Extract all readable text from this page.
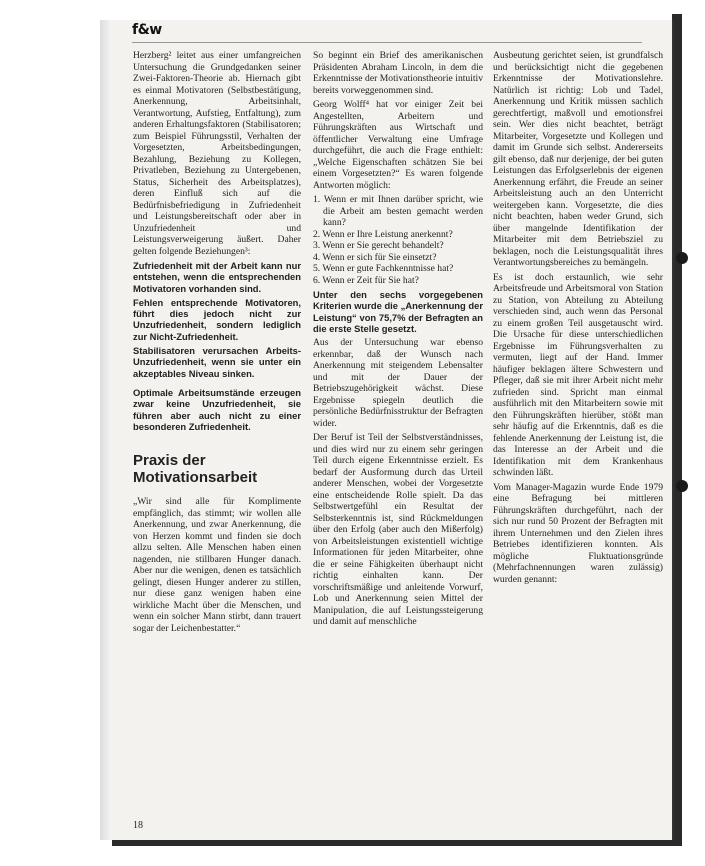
f&w

Herzberg² leitet aus einer umfangreichen Untersuchung die Grundgedanken seiner Zwei-Faktoren-Theorie ab. Hiernach gibt es einmal Motivatoren (Selbstbestätigung, Anerkennung, Arbeitsinhalt, Verantwortung, Aufstieg, Entfaltung), zum anderen Erhaltungsfaktoren (Stabilisatoren; zum Beispiel Führungsstil, Verhalten der Vorgesetzten, Arbeitsbedingungen, Bezahlung, Beziehung zu Kollegen, Privatleben, Beziehung zu Untergebenen, Status, Sicherheit des Arbeitsplatzes), deren Einfluß sich auf die Bedürfnisbefriedigung in Zufriedenheit und Leistungsbereitschaft oder aber in Unzufriedenheit und Leistungsverweigerung äußert. Daher gelten folgende Beziehungen³:

Zufriedenheit mit der Arbeit kann nur entstehen, wenn die entsprechenden Motivatoren vorhanden sind.

Fehlen entsprechende Motivatoren, führt dies jedoch nicht zur Unzufriedenheit, sondern lediglich zur Nicht-Zufriedenheit.

Stabilisatoren verursachen Arbeits-Unzufriedenheit, wenn sie unter ein akzeptables Niveau sinken.

Optimale Arbeitsumstände erzeugen zwar keine Unzufriedenheit, sie führen aber auch nicht zu einer besonderen Zufriedenheit.

Praxis der Motivationsarbeit

„Wir sind alle für Komplimente empfänglich, das stimmt; wir wollen alle Anerkennung, und zwar Anerkennung, die von Herzen kommt und finden sie doch allzu selten. Alle Menschen haben einen nagenden, nie stillbaren Hunger danach. Aber nur die wenigen, denen es tatsächlich gelingt, diesen Hunger anderer zu stillen, nur diese ganz wenigen haben eine wirkliche Macht über die Menschen, und wenn ein solcher Mann stirbt, dann trauert sogar der Leichenbestatter.“

So beginnt ein Brief des amerikanischen Präsidenten Abraham Lincoln, in dem die Erkenntnisse der Motivationstheorie intuitiv bereits vorweggenommen sind.

Georg Wolff⁴ hat vor einiger Zeit bei Angestellten, Arbeitern und Führungskräften aus Wirtschaft und öffentlicher Verwaltung eine Umfrage durchgeführt, die auch die Frage enthielt: „Welche Eigenschaften schätzen Sie bei einem Vorgesetzten?“ Es waren folgende Antworten möglich:

1. Wenn er mit Ihnen darüber spricht, wie die Arbeit am besten gemacht werden kann?
2. Wenn er Ihre Leistung anerkennt?
3. Wenn er Sie gerecht behandelt?
4. Wenn er sich für Sie einsetzt?
5. Wenn er gute Fachkenntnisse hat?
6. Wenn er Zeit für Sie hat?

Unter den sechs vorgegebenen Kriterien wurde die „Anerkennung der Leistung“ von 75,7% der Befragten an die erste Stelle gesetzt.

Aus der Untersuchung war ebenso erkennbar, daß der Wunsch nach Anerkennung mit steigendem Lebensalter und mit der Dauer der Betriebszugehörigkeit wächst. Diese Ergebnisse spiegeln deutlich die persönliche Bedürfnisstruktur der Befragten wider.

Der Beruf ist Teil der Selbstverständnisses, und dies wird nur zu einem sehr geringen Teil durch eigene Erkenntnisse erzielt. Es bedarf der Ausformung durch das Urteil anderer Menschen, wobei der Vorgesetzte eine entscheidende Rolle spielt. Da das Selbstwertgefühl ein Resultat der Selbsterkenntnis ist, sind Rückmeldungen über den Erfolg (aber auch den Mißerfolg) von Arbeitsleistungen existentiell wichtige Informationen für jeden Mitarbeiter, ohne die er seine Fähigkeiten überhaupt nicht richtig einhalten kann. Der vorschriftsmäßige und anleitende Vorwurf, Lob und Anerkennung seien Mittel der Manipulation, die auf Leistungssteigerung und damit auf menschliche

Ausbeutung gerichtet seien, ist grundfalsch und berücksichtigt nicht die gegebenen Erkenntnisse der Motivationslehre. Natürlich ist richtig: Lob und Tadel, Anerkennung und Kritik müssen sachlich gerechtfertigt, maßvoll und emotionsfrei sein. Wer dies nicht beachtet, beträgt Mitarbeiter, Vorgesetzte und Kollegen und damit im Grunde sich selbst. Andererseits gilt ebenso, daß nur derjenige, der bei guten Leistungen das Erfolgserlebnis der eigenen Anerkennung erfährt, die Freude an seiner Arbeitsleistung auch an den Unterricht weitergeben kann. Vorgesetzte, die dies nicht beachten, haben weder Grund, sich über mangelnde Identifikation der Mitarbeiter mit dem Betriebsziel zu beklagen, noch die Leistungsqualität ihres Verantwortungsbereiches zu bemängeln.

Es ist doch erstaunlich, wie sehr Arbeitsfreude und Arbeitsmoral von Station zu Station, von Abteilung zu Abteilung verschieden sind, auch wenn das Personal zu einem großen Teil ausgetauscht wird. Die Ursache für diese unterschiedlichen Ergebnisse im Führungsverhalten zu vermuten, liegt auf der Hand. Immer häufiger beklagen ältere Schwestern und Pfleger, daß sie mit ihrer Arbeit nicht mehr zufrieden sind. Spricht man einmal ausführlich mit den Mitarbeitern sowie mit den Führungskräften hierüber, stößt man sehr häufig auf die Erkenntnis, daß es die fehlende Anerkennung der Leistung ist, die das Interesse an der Arbeit und die Identifikation mit dem Krankenhaus schwinden läßt.

Vom Manager-Magazin wurde Ende 1979 eine Befragung bei mittleren Führungskräften durchgeführt, nach der sich nur rund 50 Prozent der Befragten mit ihrem Unternehmen und den Zielen ihres Betriebes identifizieren konnten. Als mögliche Fluktuationsgründe (Mehrfachnennungen waren zulässig) wurden genannt:

18
